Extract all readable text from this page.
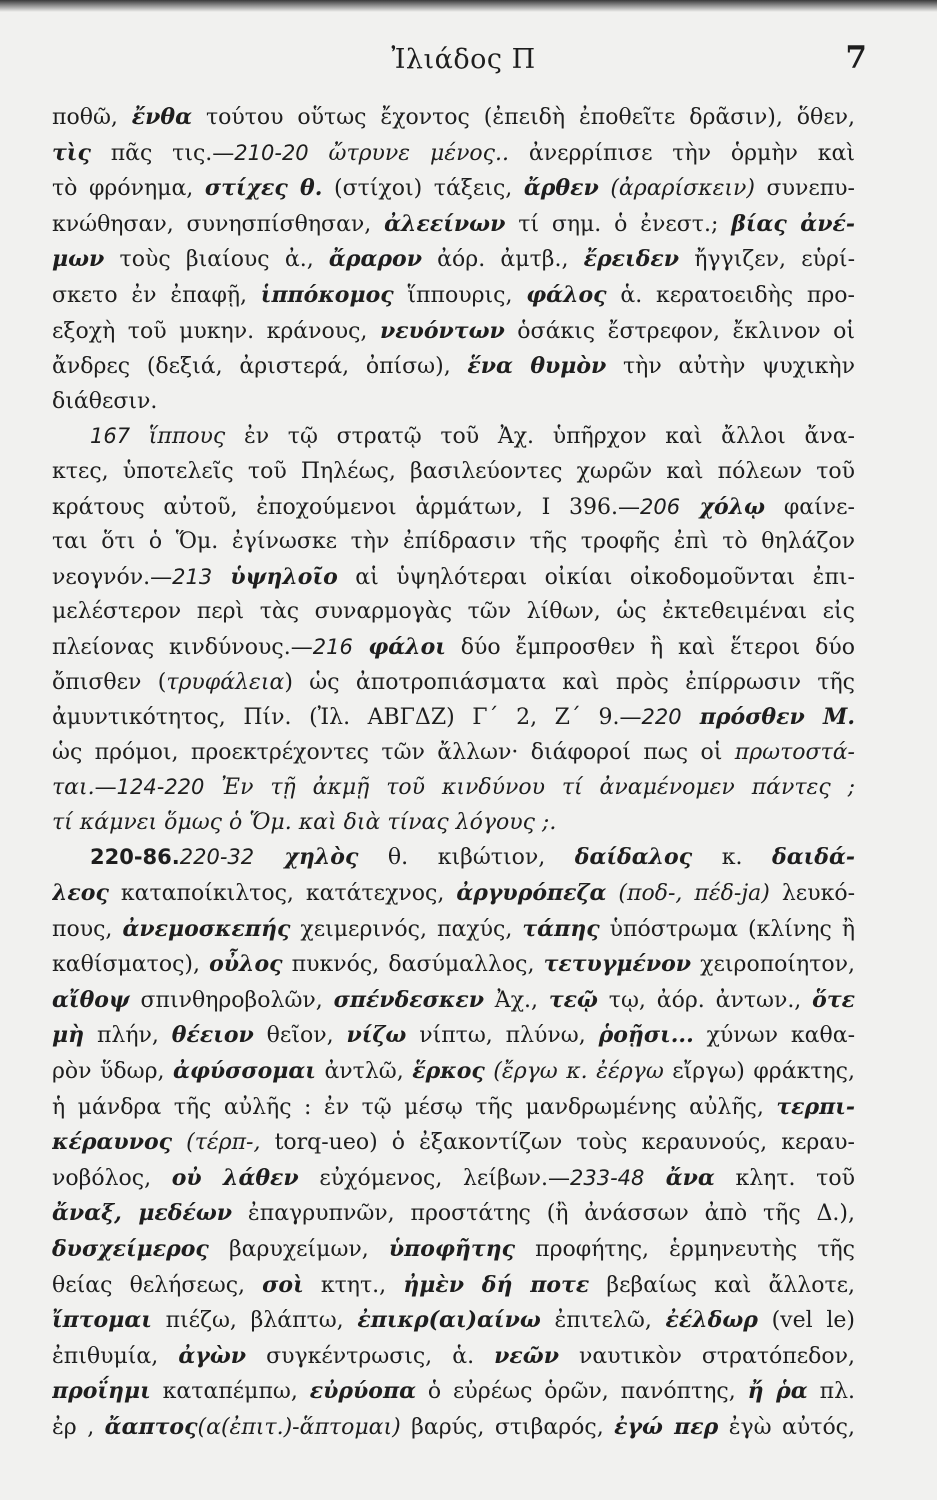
Ἰλιάδος Π	7
ποθῶ, ἔνθα τούτου οὕτως ἔχοντος (ἐπειδὴ ἐποθεῖτε δρᾶσιν), ὅθεν,
τὶς πᾶς τις.—210-20 ὤτρυνε μένος.. ἀνερρίπισε τὴν ὁρμὴν καὶ
τὸ φρόνημα, στίχες θ. (στίχοι) τάξεις, ἄρθεν (ἀραρίσκειν) συνεπυ-
κνώθησαν, συνησπίσθησαν, ἀλεείνων τί σημ. ὁ ἐνεστ.; βίας ἀνέ-
μων τοὺς βιαίους ἀ., ἄραρον ἀόρ. ἀμτβ., ἔρειδεν ἤγγιζεν, εὑρί-
σκετο ἐν ἐπαφῇ, ἱππόκομος ἵππουρις, φάλος ἁ. κερατοειδὴς προ-
εξοχὴ τοῦ μυκην. κράνους, νευόντων ὁσάκις ἔστρεφον, ἔκλινον οἱ
ἄνδρες (δεξιά, ἀριστερά, ὀπίσω), ἕνα θυμὸν τὴν αὐτὴν ψυχικὴν
διάθεσιν.
167 ἵππους ἐν τῷ στρατῷ τοῦ Ἀχ. ὑπῆρχον καὶ ἄλλοι ἄνα-
κτες, ὑποτελεῖς τοῦ Πηλέως, βασιλεύοντες χωρῶν καὶ πόλεων τοῦ
κράτους αὐτοῦ, ἐποχούμενοι ἁρμάτων, Ι 396.—206 χόλῳ φαίνε-
ται ὅτι ὁ Ὅμ. ἐγίνωσκε τὴν ἐπίδρασιν τῆς τροφῆς ἐπὶ τὸ θηλάζον
νεογνόν.—213 ὑψηλοῖο αἱ ὑψηλότεραι οἰκίαι οἰκοδομοῦνται ἐπι-
μελέστερον περὶ τὰς συναρμογὰς τῶν λίθων, ὡς ἐκτεθειμέναι εἰς
πλείονας κινδύνους.—216 φάλοι δύο ἔμπροσθεν ἢ καὶ ἕτεροι δύο
ὄπισθεν (τρυφάλεια) ὡς ἀποτροπιάσματα καὶ πρὸς ἐπίρρωσιν τῆς
ἀμυντικότητος, Πίν. (Ἰλ. ΑΒΓΔΖ) Γ΄ 2, Ζ΄ 9.—220 πρόσθεν Μ.
ὡς πρόμοι, προεκτρέχοντες τῶν ἄλλων· διάφοροί πως οἱ πρωτοστά-
ται.—124-220 Ἐν τῇ ἀκμῇ τοῦ κινδύνου τί ἀναμένομεν πάντες ;
τί κάμνει ὅμως ὁ Ὅμ. καὶ διὰ τίνας λόγους ;.
220-86.220-32 χηλὸς θ. κιβώτιον, δαίδαλος κ. δαιδά-
λεος καταποίκιλτος, κατάτεχνος, ἀργυρόπεζα (ποδ-, πέδ-ja) λευκό-
πους, ἀνεμοσκεπής χειμερινός, παχύς, τάπης ὑπόστρωμα (κλίνης ἢ
καθίσματος), οὖλος πυκνός, δασύμαλλος, τετυγμένον χειροποίητον,
αἴθοψ σπινθηροβολῶν, σπένδεσκεν Ἀχ., τεῷ τῳ, ἀόρ. ἀντων., ὅτε
μὴ πλήν, θέειον θεῖον, νίζω νίπτω, πλύνω, ῥοῇσι... χύνων καθα-
ρὸν ὕδωρ, ἀφύσσομαι ἀντλῶ, ἕρκος (ἔργω κ. ἐέργω εἴργω) φράκτης,
ἡ μάνδρα τῆς αὐλῆς : ἐν τῷ μέσῳ τῆς μανδρωμένης αὐλῆς, τερπι-
κέραυνος (τέρπ-, torq-ueo) ὁ ἐξακοντίζων τοὺς κεραυνούς, κεραυ-
νοβόλος, οὐ λάθεν εὐχόμενος, λείβων.—233-48 ἄνα κλητ. τοῦ
ἄναξ, μεδέων ἐπαγρυπνῶν, προστάτης (ἢ ἀνάσσων ἀπὸ τῆς Δ.),
δυσχείμερος βαρυχείμων, ὑποφῆτης προφήτης, ἑρμηνευτὴς τῆς
θείας θελήσεως, σοὶ κτητ., ἠμὲν δή ποτε βεβαίως καὶ ἄλλοτε,
ἴπτομαι πιέζω, βλάπτω, ἐπικρ(αι)αίνω ἐπιτελῶ, ἐέλδωρ (vel le)
ἐπιθυμία, ἀγὼν συγκέντρωσις, ἁ. νεῶν ναυτικὸν στρατόπεδον,
προΐημι καταπέμπω, εὐρύοπα ὁ εὐρέως ὁρῶν, πανόπτης, ἤ ῥα πλ.
ἐρ , ἄαπτος(α(ἐπιτ.)-ἅπτομαι) βαρύς, στιβαρός, ἐγώ περ ἐγὼ αὐτός,
